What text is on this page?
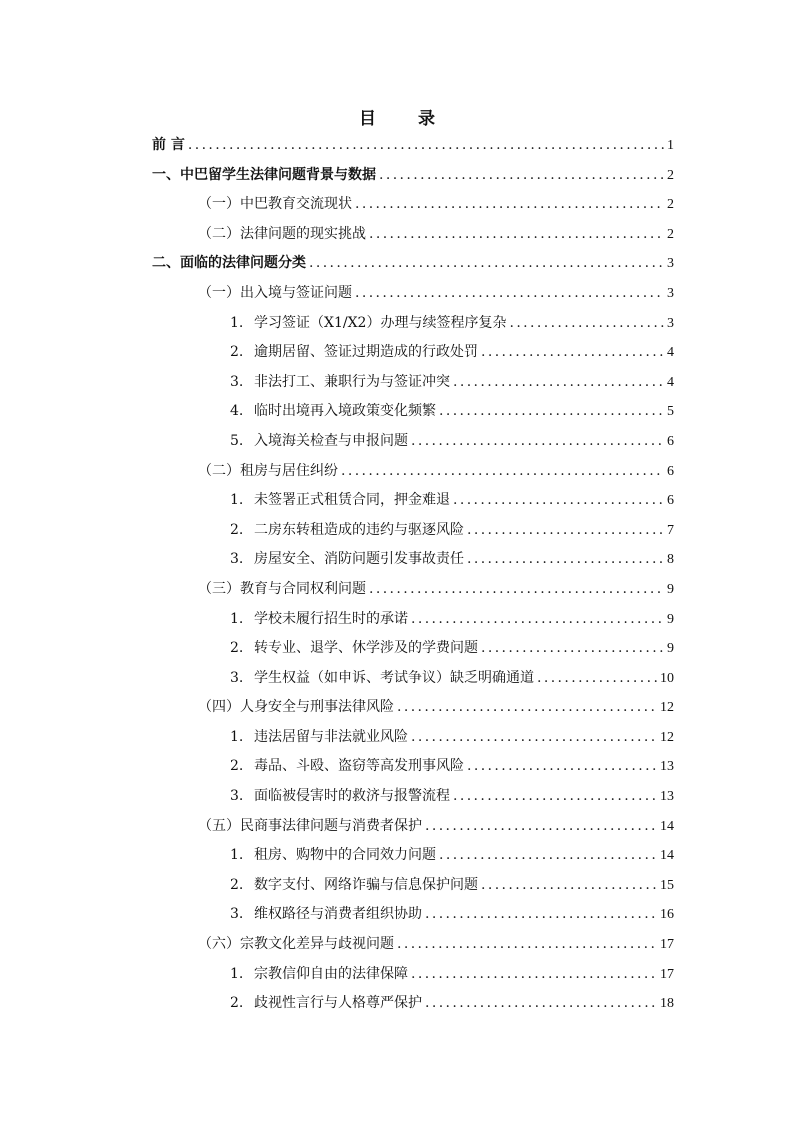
目 录
前 言 .....	1
一、中巴留学生法律问题背景与数据 .....	2
（一）中巴教育交流现状 .....	2
（二）法律问题的现实挑战 .....	2
二、面临的法律问题分类 .....	3
（一）出入境与签证问题 .....	3
1. 学习签证（X1/X2）办理与续签程序复杂 .....	3
2. 逾期居留、签证过期造成的行政处罚 .....	4
3. 非法打工、兼职行为与签证冲突 .....	4
4. 临时出境再入境政策变化频繁 .....	5
5. 入境海关检查与申报问题 .....	6
（二）租房与居住纠纷 .....	6
1. 未签署正式租赁合同，押金难退 .....	6
2. 二房东转租造成的违约与驱逐风险 .....	7
3. 房屋安全、消防问题引发事故责任 .....	8
（三）教育与合同权利问题 .....	9
1. 学校未履行招生时的承诺 .....	9
2. 转专业、退学、休学涉及的学费问题 .....	9
3. 学生权益（如申诉、考试争议）缺乏明确通道 .....	10
（四）人身安全与刑事法律风险 .....	12
1. 违法居留与非法就业风险 .....	12
2. 毒品、斗殴、盗窃等高发刑事风险 .....	13
3. 面临被侵害时的救济与报警流程 .....	13
（五）民商事法律问题与消费者保护 .....	14
1. 租房、购物中的合同效力问题 .....	14
2. 数字支付、网络诈骗与信息保护问题 .....	15
3. 维权路径与消费者组织协助 .....	16
（六）宗教文化差异与歧视问题 .....	17
1. 宗教信仰自由的法律保障 .....	17
2. 歧视性言行与人格尊严保护 .....	18
